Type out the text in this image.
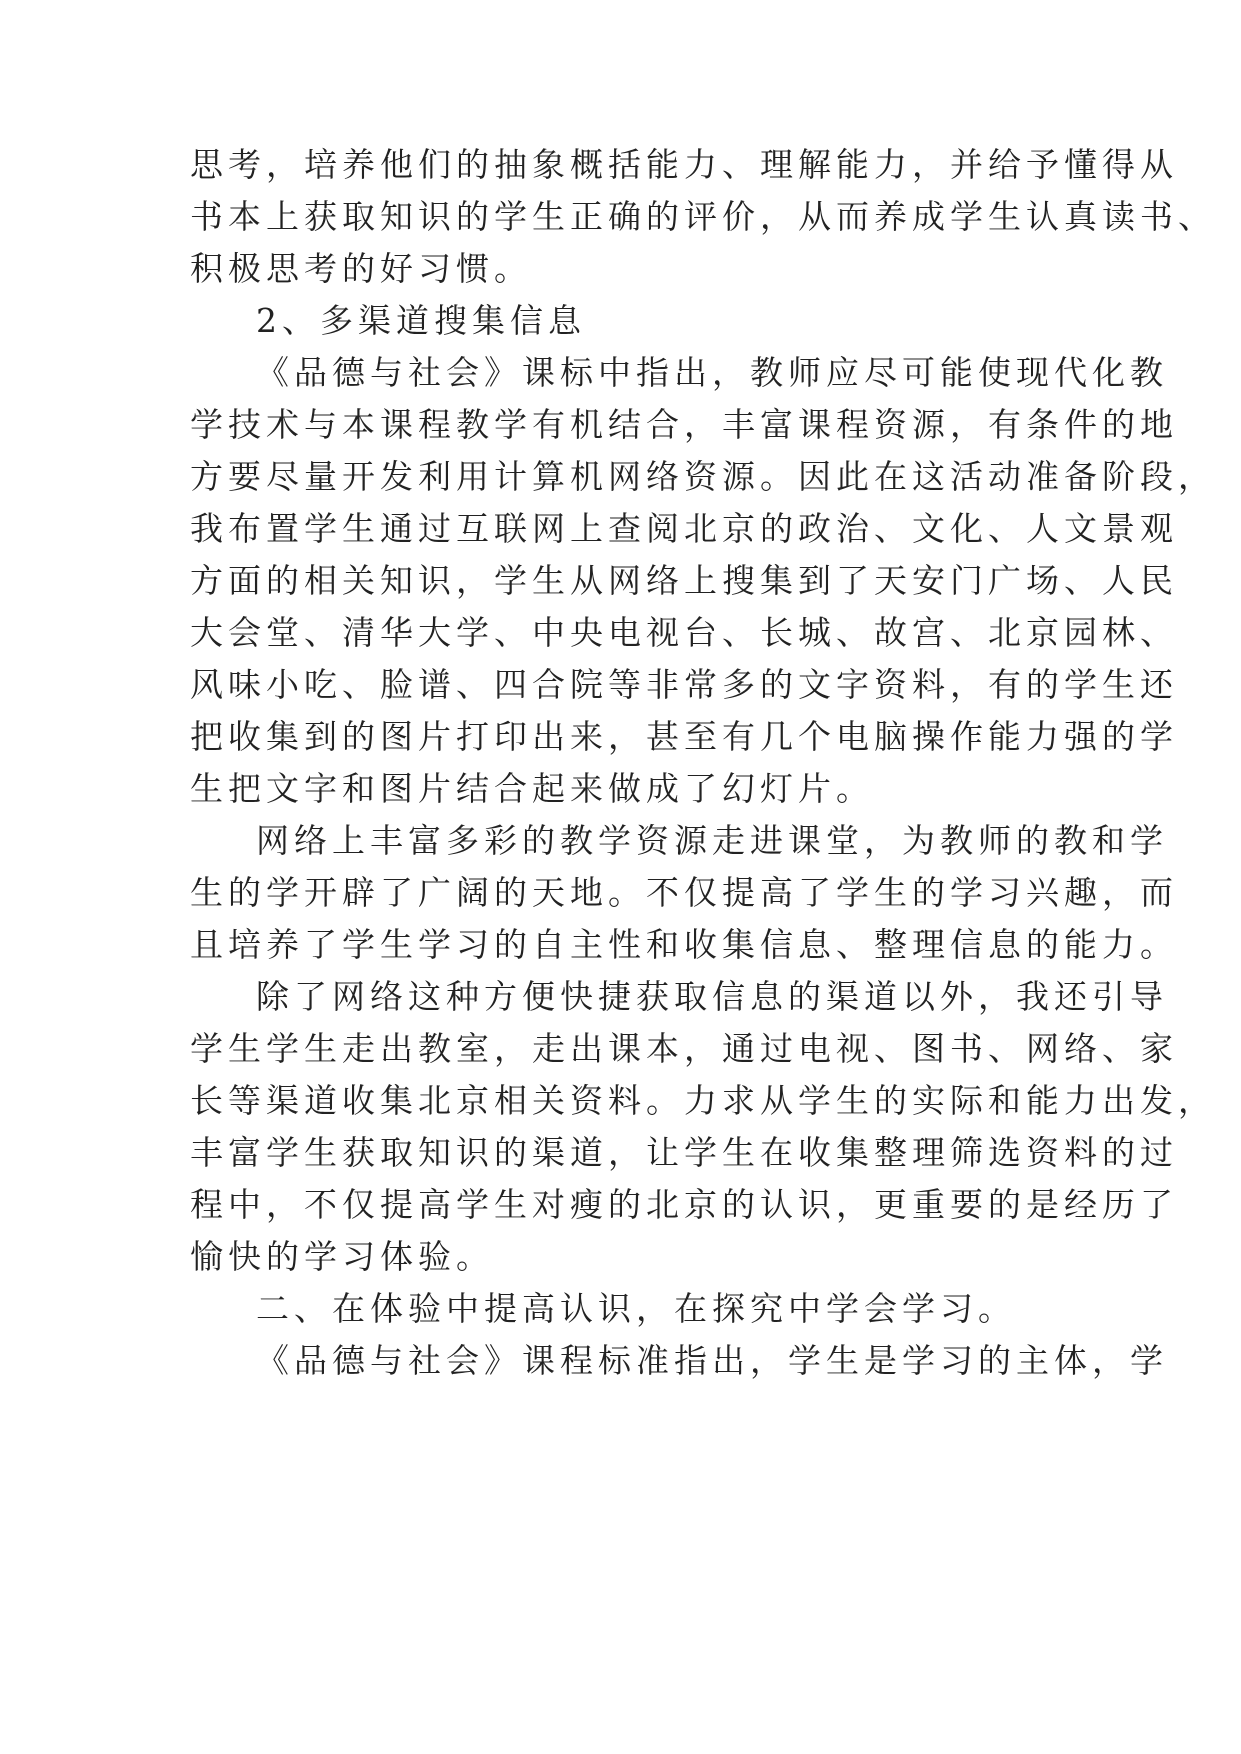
思考，培养他们的抽象概括能力、理解能力，并给予懂得从
书本上获取知识的学生正确的评价，从而养成学生认真读书、
积极思考的好习惯。
2、多渠道搜集信息
《品德与社会》课标中指出，教师应尽可能使现代化教
学技术与本课程教学有机结合，丰富课程资源，有条件的地
方要尽量开发利用计算机网络资源。因此在这活动准备阶段，
我布置学生通过互联网上查阅北京的政治、文化、人文景观
方面的相关知识，学生从网络上搜集到了天安门广场、人民
大会堂、清华大学、中央电视台、长城、故宫、北京园林、
风味小吃、脸谱、四合院等非常多的文字资料，有的学生还
把收集到的图片打印出来，甚至有几个电脑操作能力强的学
生把文字和图片结合起来做成了幻灯片。
网络上丰富多彩的教学资源走进课堂，为教师的教和学
生的学开辟了广阔的天地。不仅提高了学生的学习兴趣，而
且培养了学生学习的自主性和收集信息、整理信息的能力。
除了网络这种方便快捷获取信息的渠道以外，我还引导
学生学生走出教室，走出课本，通过电视、图书、网络、家
长等渠道收集北京相关资料。力求从学生的实际和能力出发，
丰富学生获取知识的渠道，让学生在收集整理筛选资料的过
程中，不仅提高学生对瘦的北京的认识，更重要的是经历了
愉快的学习体验。
二、在体验中提高认识，在探究中学会学习。
《品德与社会》课程标准指出，学生是学习的主体，学
